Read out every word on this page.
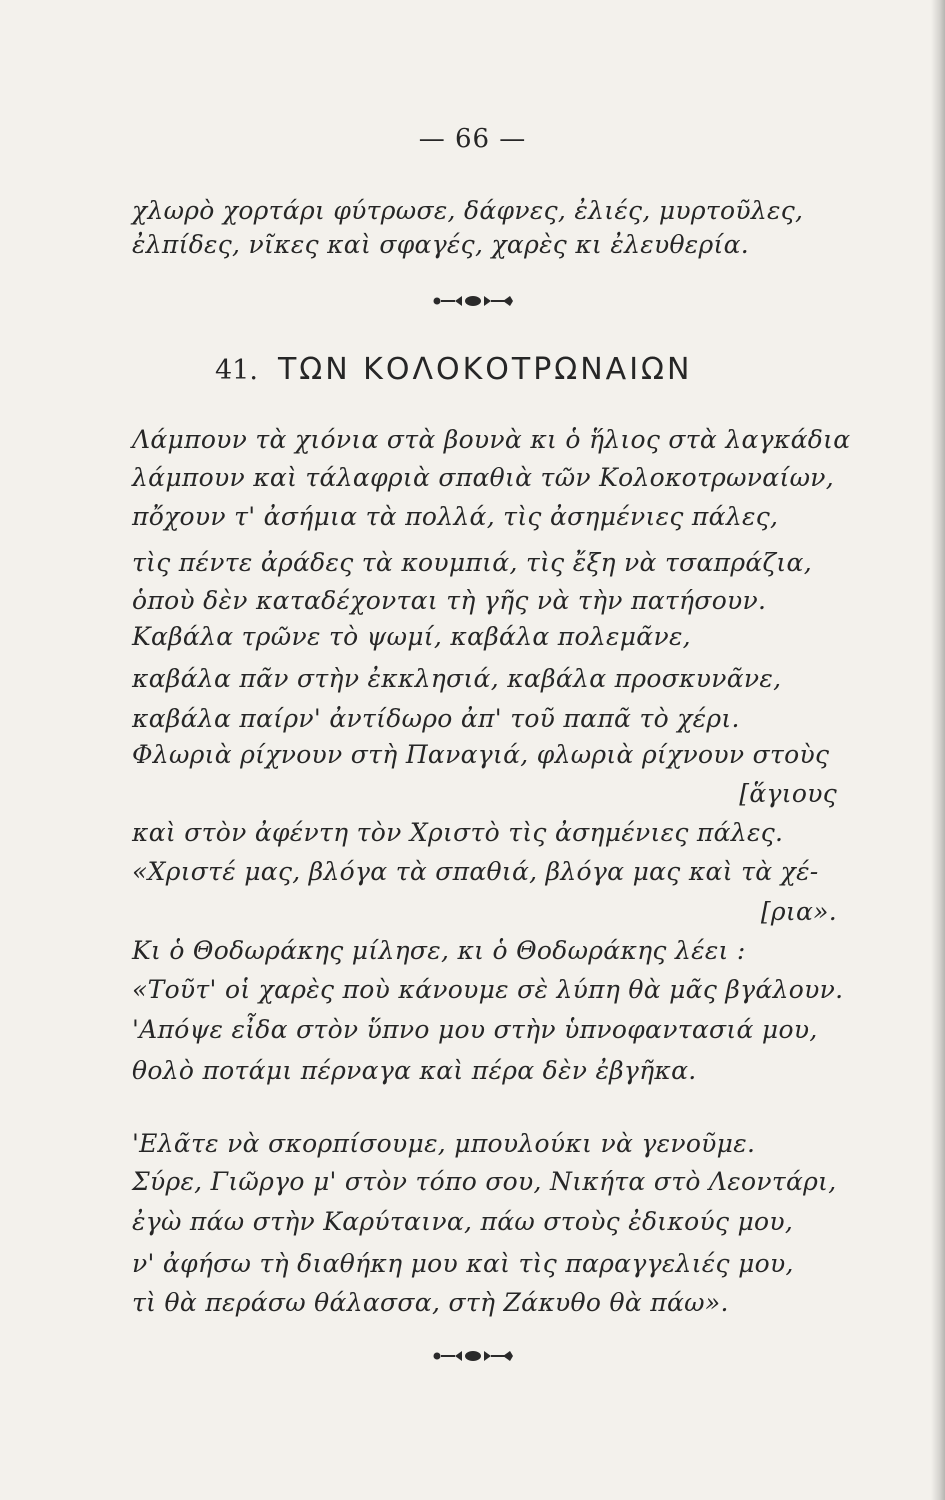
— 66 —
χλωρὸ χορτάρι φύτρωσε, δάφνες, ἐλιές, μυρτοῦλες,
ἐλπίδες, νῖκες καὶ σφαγές, χαρὲς κι ἐλευθερία.
41. ΤΩΝ ΚΟΛΟΚΟΤΡΩΝΑΙΩΝ
Λάμπουν τὰ χιόνια στὰ βουνὰ κι ὁ ἥλιος στὰ λαγκάδια
λάμπουν καὶ τάλαφριὰ σπαθιὰ τῶν Κολοκοτρωναίων,
πὄχουν τ' ἀσήμια τὰ πολλά, τὶς ἀσημένιες πάλες,
τὶς πέντε ἀράδες τὰ κουμπιά, τὶς ἔξη νὰ τσαπράζια,
ὁποὺ δὲν καταδέχονται τὴ γῆς νὰ τὴν πατήσουν.
Καβάλα τρῶνε τὸ ψωμί, καβάλα πολεμᾶνε,
καβάλα πᾶν στὴν ἐκκλησιά, καβάλα προσκυνᾶνε,
καβάλα παίρν' ἀντίδωρο ἀπ' τοῦ παπᾶ τὸ χέρι.
Φλωριὰ ρίχνουν στὴ Παναγιά, φλωριὰ ρίχνουν στοὺς
[ἅγιους
καὶ στὸν ἀφέντη τὸν Χριστὸ τὶς ἀσημένιες πάλες.
«Χριστέ μας, βλόγα τὰ σπαθιά, βλόγα μας καὶ τὰ χέ-
[ρια».
Κι ὁ Θοδωράκης μίλησε, κι ὁ Θοδωράκης λέει :
«Τοῦτ' οἱ χαρὲς ποὺ κάνουμε σὲ λύπη θὰ μᾶς βγάλουν.
'Απόψε εἶδα στὸν ὕπνο μου στὴν ὑπνοφαντασιά μου,
θολὸ ποτάμι πέρναγα καὶ πέρα δὲν ἐβγῆκα.
'Ελᾶτε νὰ σκορπίσουμε, μπουλούκι νὰ γενοῦμε.
Σύρε, Γιῶργο μ' στὸν τόπο σου, Νικήτα στὸ Λεοντάρι,
ἐγὼ πάω στὴν Καρύταινα, πάω στοὺς ἐδικούς μου,
ν' ἀφήσω τὴ διαθήκη μου καὶ τὶς παραγγελιές μου,
τὶ θὰ περάσω θάλασσα, στὴ Ζάκυθο θὰ πάω».
